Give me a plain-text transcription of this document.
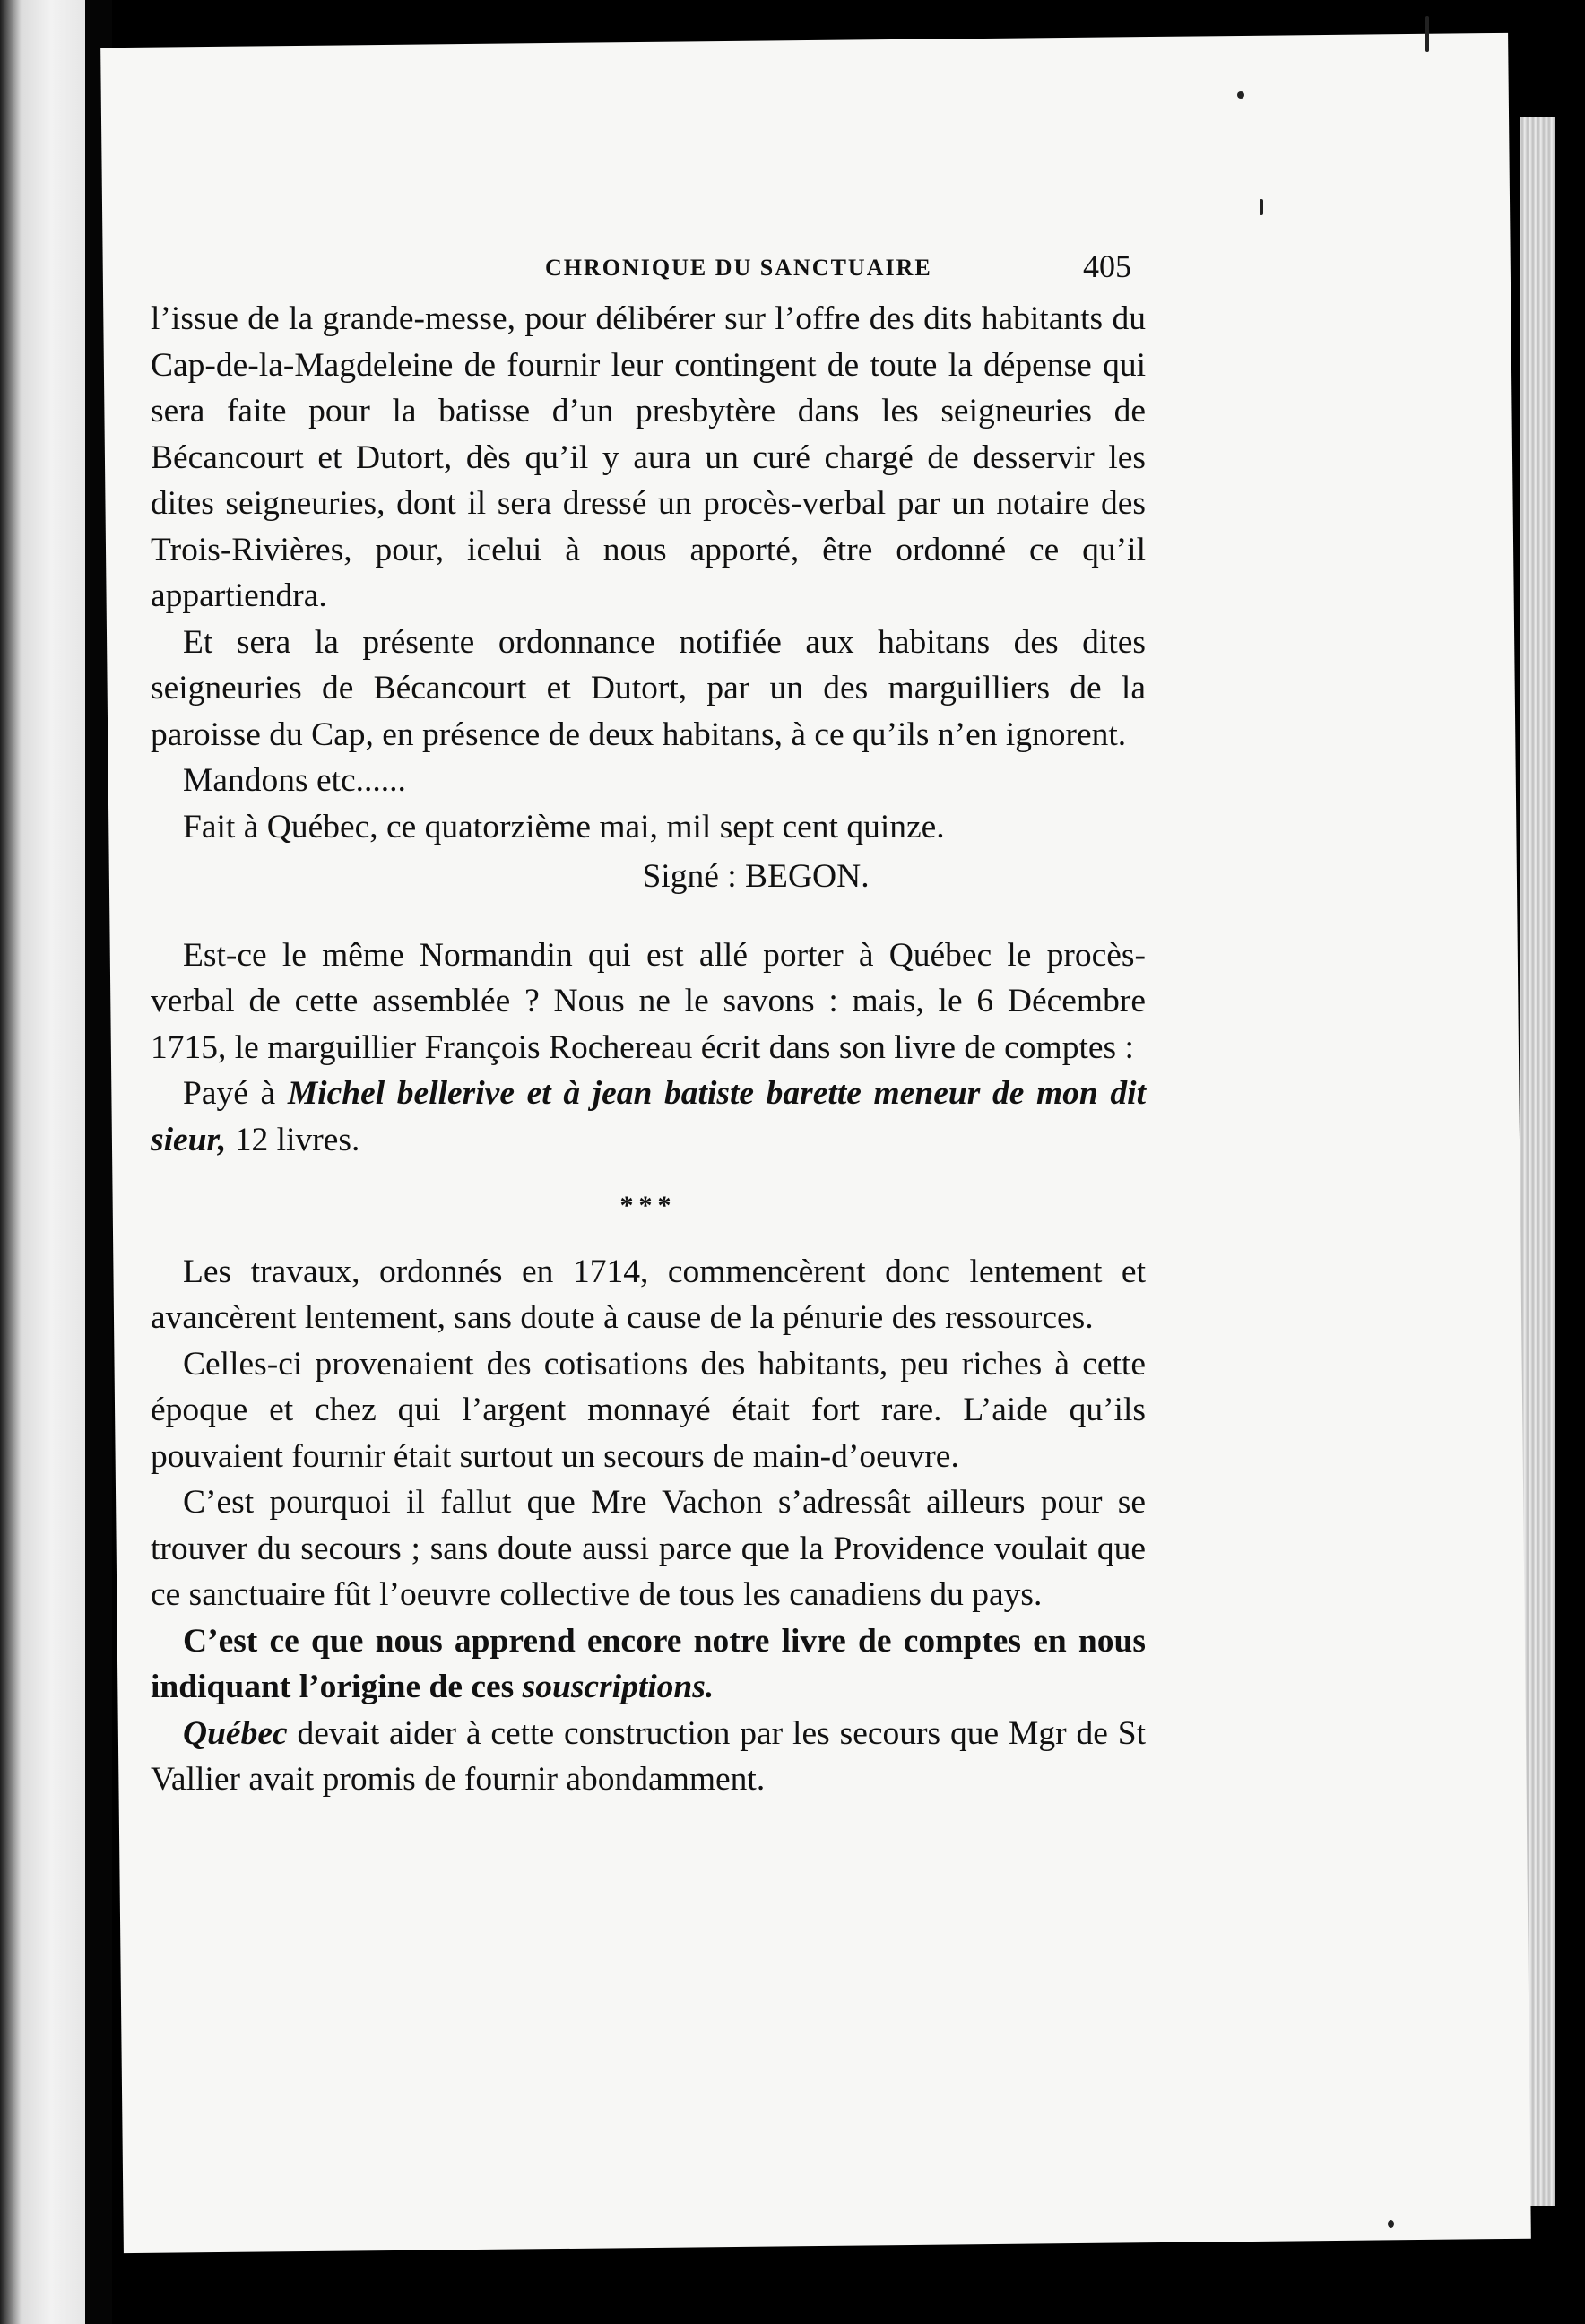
CHRONIQUE DU SANCTUAIRE	405

l’issue de la grande-messe, pour délibérer sur l’offre des dits habitants du Cap-de-la-Magdeleine de fournir leur contingent de toute la dépense qui sera faite pour la batisse d’un presbytère dans les seigneuries de Bécancourt et Dutort, dès qu’il y aura un curé chargé de desservir les dites seigneuries, dont il sera dressé un procès-verbal par un notaire des Trois-Rivières, pour, icelui à nous apporté, être ordonné ce qu’il appartiendra.

Et sera la présente ordonnance notifiée aux habitans des dites seigneuries de Bécancourt et Dutort, par un des marguilliers de la paroisse du Cap, en présence de deux habitans, à ce qu’ils n’en ignorent.

Mandons etc......

Fait à Québec, ce quatorzième mai, mil sept cent quinze.

Signé : BEGON.

Est-ce le même Normandin qui est allé porter à Québec le procès-verbal de cette assemblée ? Nous ne le savons : mais, le 6 Décembre 1715, le marguillier François Rochereau écrit dans son livre de comptes :

Payé à Michel bellerive et à jean batiste barette meneur de mon dit sieur, 12 livres.

***

Les travaux, ordonnés en 1714, commencèrent donc lentement et avancèrent lentement, sans doute à cause de la pénurie des ressources.

Celles-ci provenaient des cotisations des habitants, peu riches à cette époque et chez qui l’argent monnayé était fort rare. L’aide qu’ils pouvaient fournir était surtout un secours de main-d’oeuvre.

C’est pourquoi il fallut que Mre Vachon s’adressât ailleurs pour se trouver du secours ; sans doute aussi parce que la Providence voulait que ce sanctuaire fût l’oeuvre collective de tous les canadiens du pays.

C’est ce que nous apprend encore notre livre de comptes en nous indiquant l’origine de ces souscriptions.

Québec devait aider à cette construction par les secours que Mgr de St Vallier avait promis de fournir abondamment.
